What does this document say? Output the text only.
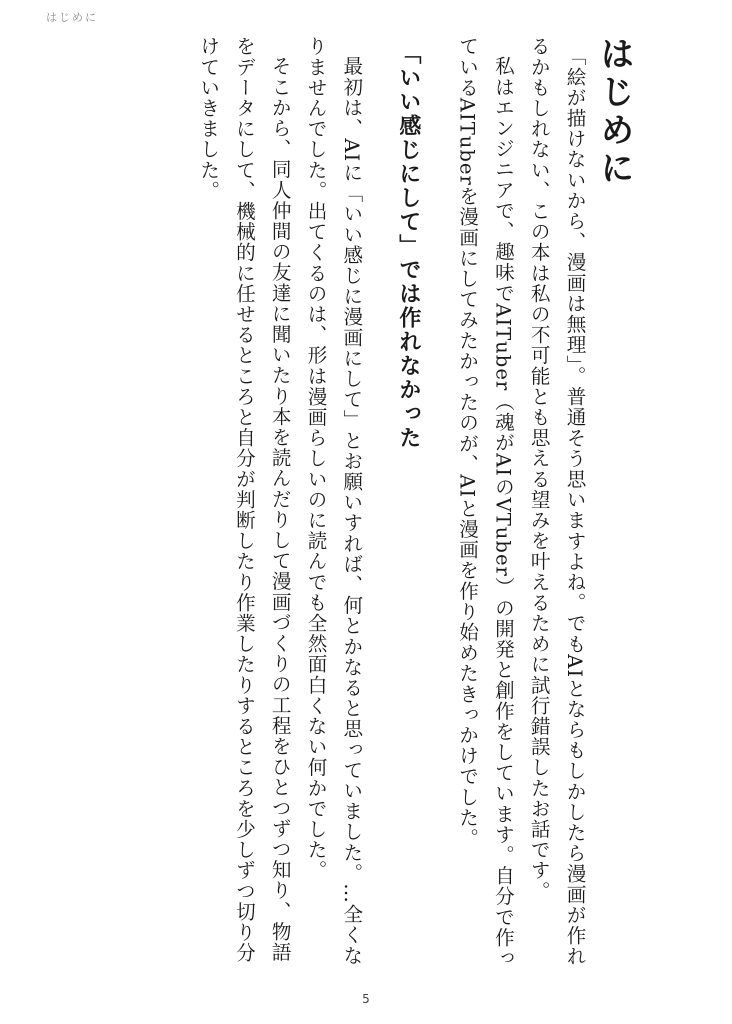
はじめに
はじめに

「絵が描けないから、漫画は無理」。普通そう思いますよね。でもAIとならもしかしたら漫画が作れるかもしれない、この本は私の不可能とも思える望みを叶えるために試行錯誤したお話です。

私はエンジニアで、趣味でAITuber（魂がAIのVTuber）の開発と創作をしています。自分で作っているAITuberを漫画にしてみたかったのが、AIと漫画を作り始めたきっかけでした。

「いい感じにして」では作れなかった

最初は、AIに「いい感じに漫画にして」とお願いすれば、何とかなると思っていました。…全くなりませんでした。出てくるのは、形は漫画らしいのに読んでも全然面白くない何かでした。

そこから、同人仲間の友達に聞いたり本を読んだりして漫画づくりの工程をひとつずつ知り、物語をデータにして、機械的に任せるところと自分が判断したり作業したりするところを少しずつ切り分けていきました。

5
